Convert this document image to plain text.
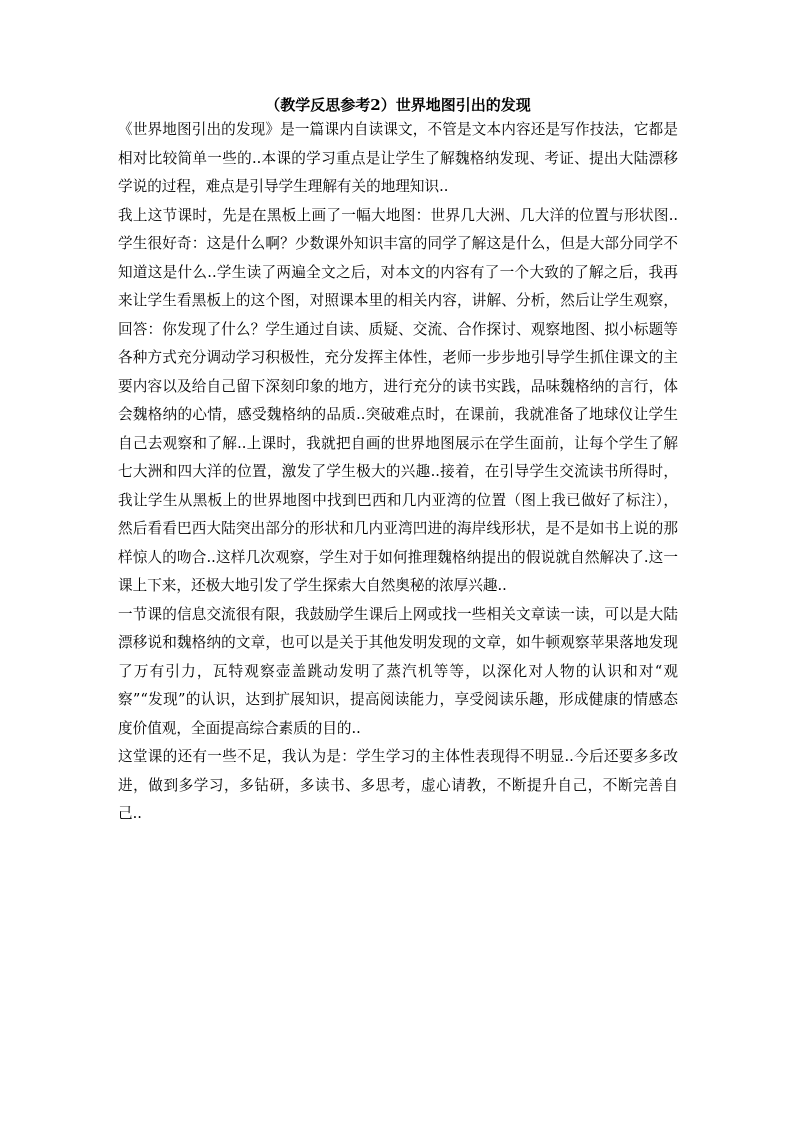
（教学反思参考2）世界地图引出的发现

《世界地图引出的发现》是一篇课内自读课文，不管是文本内容还是写作技法，它都是相对比较简单一些的..本课的学习重点是让学生了解魏格纳发现、考证、提出大陆漂移学说的过程，难点是引导学生理解有关的地理知识..

我上这节课时，先是在黑板上画了一幅大地图：世界几大洲、几大洋的位置与形状图..学生很好奇：这是什么啊？少数课外知识丰富的同学了解这是什么，但是大部分同学不知道这是什么..学生读了两遍全文之后，对本文的内容有了一个大致的了解之后，我再来让学生看黑板上的这个图，对照课本里的相关内容，讲解、分析，然后让学生观察，回答：你发现了什么？学生通过自读、质疑、交流、合作探讨、观察地图、拟小标题等各种方式充分调动学习积极性，充分发挥主体性，老师一步步地引导学生抓住课文的主要内容以及给自己留下深刻印象的地方，进行充分的读书实践，品味魏格纳的言行，体会魏格纳的心情，感受魏格纳的品质..突破难点时，在课前，我就准备了地球仪让学生自己去观察和了解..上课时，我就把自画的世界地图展示在学生面前，让每个学生了解七大洲和四大洋的位置，激发了学生极大的兴趣..接着，在引导学生交流读书所得时，我让学生从黑板上的世界地图中找到巴西和几内亚湾的位置（图上我已做好了标注），然后看看巴西大陆突出部分的形状和几内亚湾凹进的海岸线形状，是不是如书上说的那样惊人的吻合..这样几次观察，学生对于如何推理魏格纳提出的假说就自然解决了.这一课上下来，还极大地引发了学生探索大自然奥秘的浓厚兴趣..

一节课的信息交流很有限，我鼓励学生课后上网或找一些相关文章读一读，可以是大陆漂移说和魏格纳的文章，也可以是关于其他发明发现的文章，如牛顿观察苹果落地发现了万有引力，瓦特观察壶盖跳动发明了蒸汽机等等，以深化对人物的认识和对“观察”“发现”的认识，达到扩展知识，提高阅读能力，享受阅读乐趣，形成健康的情感态度价值观，全面提高综合素质的目的..

这堂课的还有一些不足，我认为是：学生学习的主体性表现得不明显..今后还要多多改进，做到多学习，多钻研，多读书、多思考，虚心请教，不断提升自己，不断完善自己..
